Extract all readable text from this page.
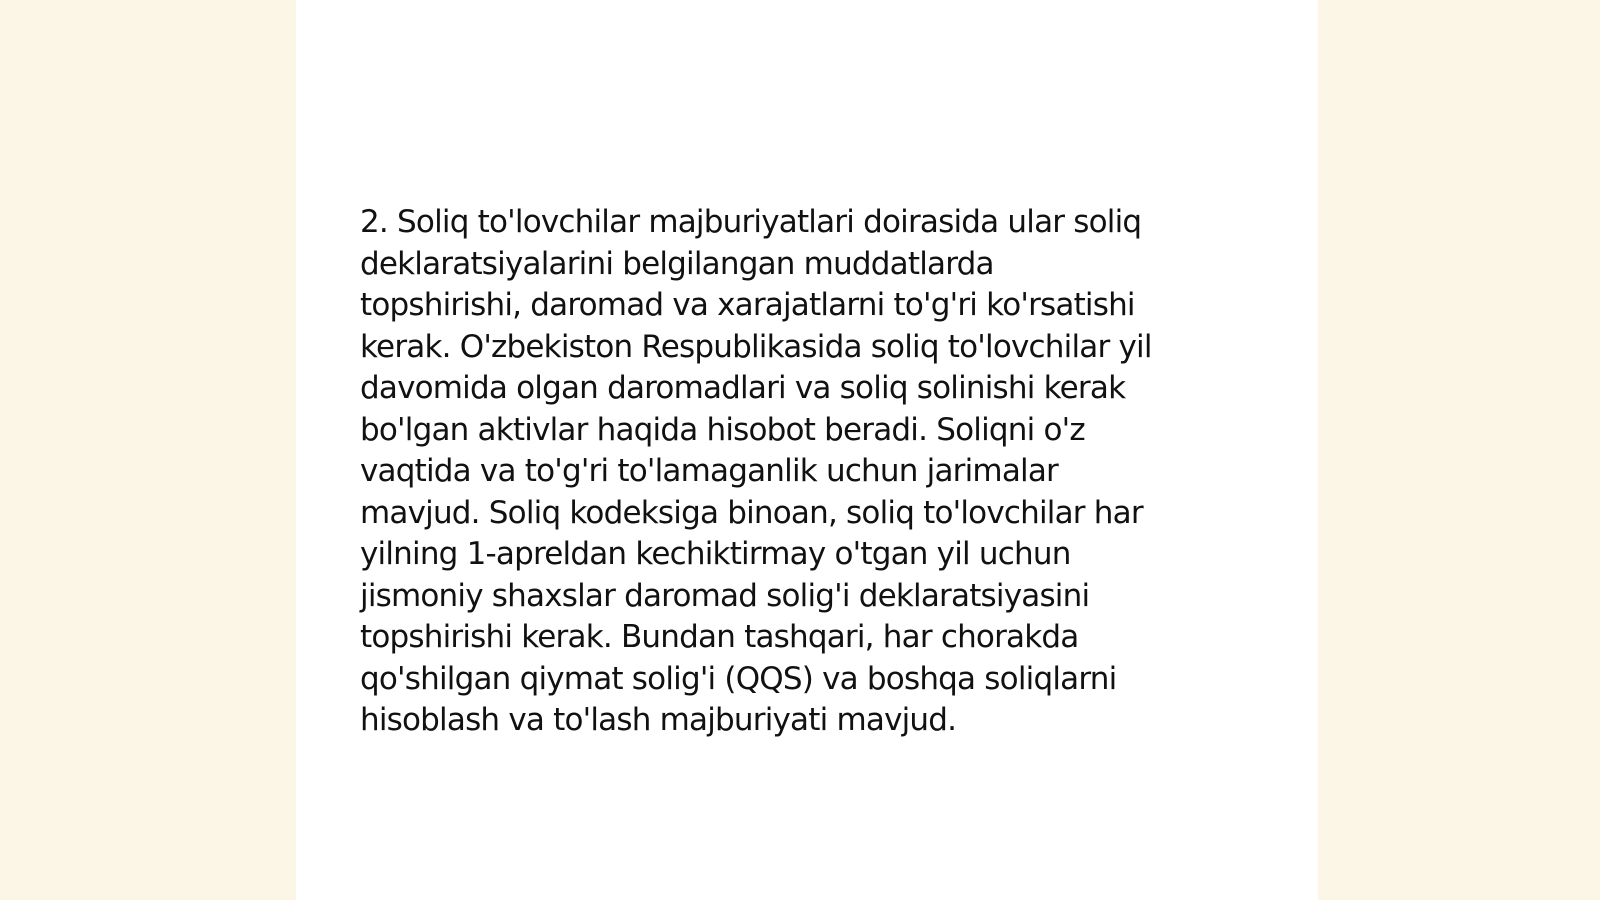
2. Soliq to'lovchilar majburiyatlari doirasida ular soliq
deklaratsiyalarini belgilangan muddatlarda
topshirishi, daromad va xarajatlarni to'g'ri ko'rsatishi
kerak. O'zbekiston Respublikasida soliq to'lovchilar yil
davomida olgan daromadlari va soliq solinishi kerak
bo'lgan aktivlar haqida hisobot beradi. Soliqni o'z
vaqtida va to'g'ri to'lamaganlik uchun jarimalar
mavjud. Soliq kodeksiga binoan, soliq to'lovchilar har
yilning 1-apreldan kechiktirmay o'tgan yil uchun
jismoniy shaxslar daromad solig'i deklaratsiyasini
topshirishi kerak. Bundan tashqari, har chorakda
qo'shilgan qiymat solig'i (QQS) va boshqa soliqlarni
hisoblash va to'lash majburiyati mavjud.
